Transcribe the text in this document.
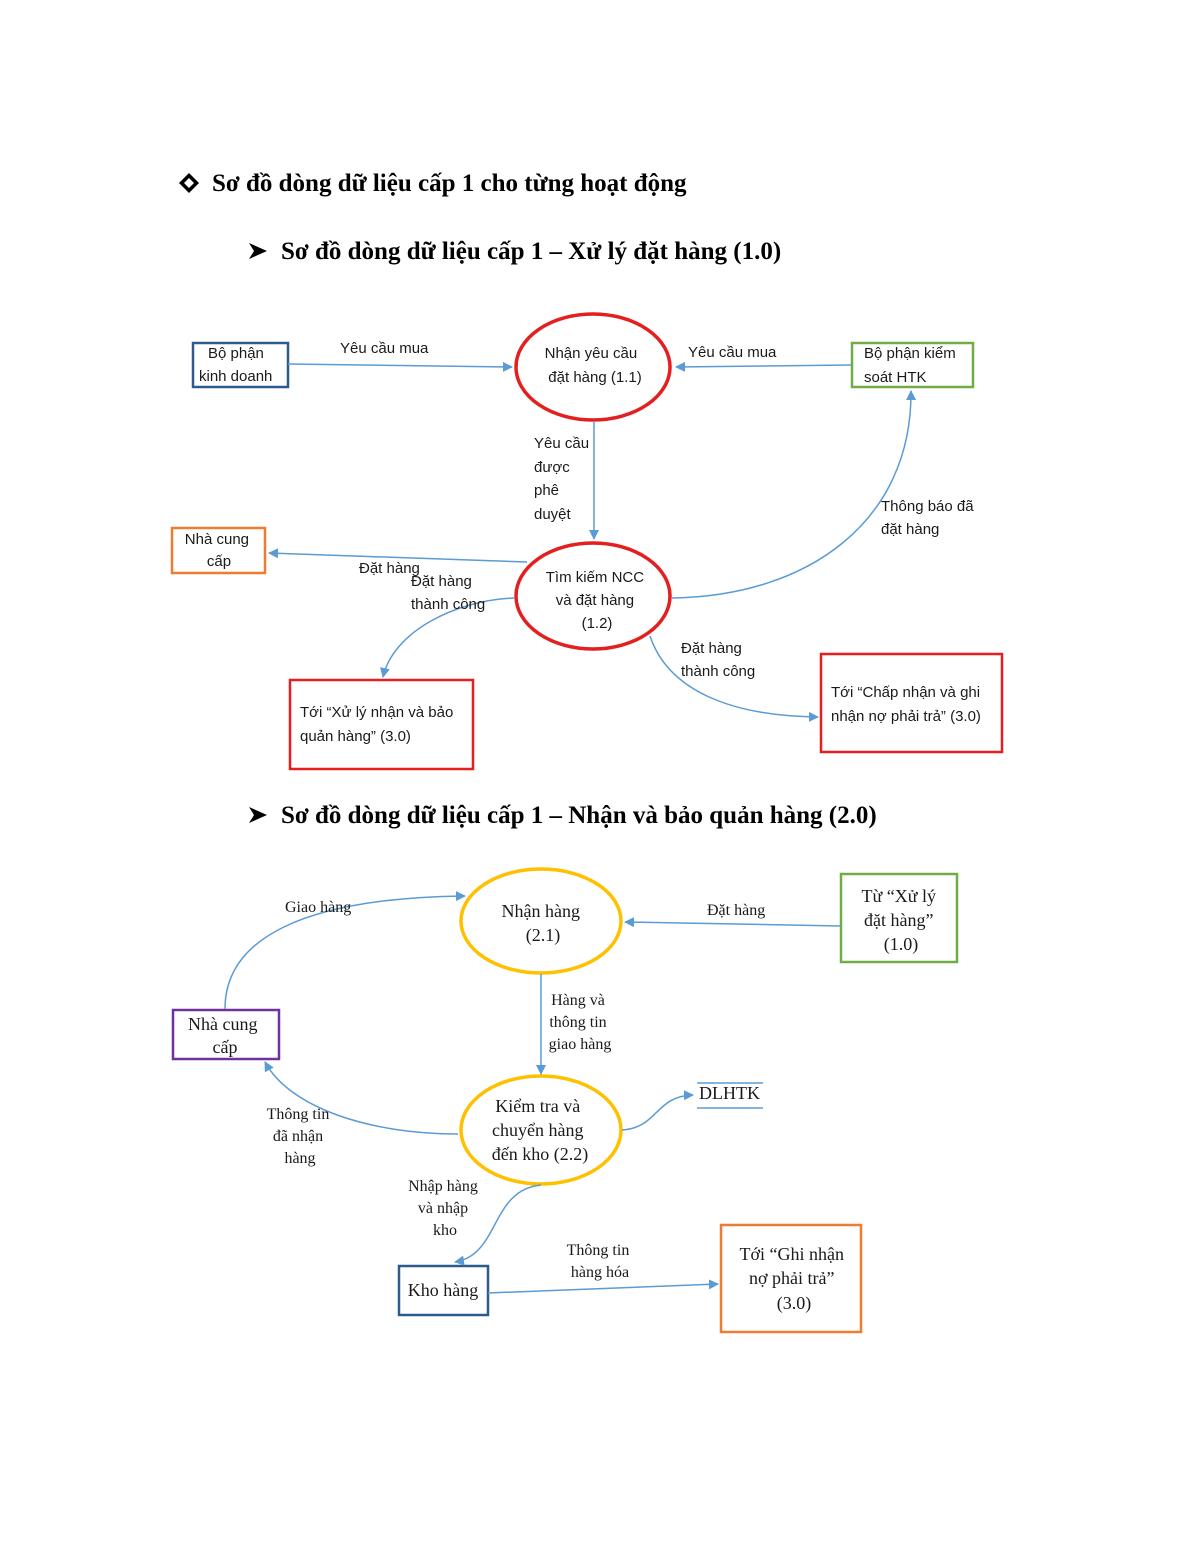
Sơ đồ dòng dữ liệu cấp 1 cho từng hoạt động
Sơ đồ dòng dữ liệu cấp 1 – Xử lý đặt hàng (1.0)
Sơ đồ dòng dữ liệu cấp 1 – Nhận và bảo quản hàng (2.0)
Nhận yêu cầu đặt hàng (1.1)
Tìm kiếm NCC và đặt hàng (1.2)
Bộ phận kinh doanh
Bộ phận kiểm soát HTK
Nhà cung cấp
Tới “Chấp nhận và ghi nhận nợ phải trả” (3.0)
Tới “Xử lý nhận và bảo quản hàng” (3.0)
Yêu cầu mua	Yêu cầu mua
Yêu cầu được phê duyệt	Thông báo đã đặt hàng
Đặt hàng
Đặt hàng thành công
Đặt hàng thành công
Nhận hàng (2.1)
Kiểm tra và chuyển hàng đến kho (2.2)
Từ “Xử lý đặt hàng” (1.0)
Nhà cung cấp
Kho hàng
Tới “Ghi nhận nợ phải trả” (3.0)
DLHTK
Giao hàng	Đặt hàng
Hàng và thông tin giao hàng
Thông tin đã nhận hàng
Nhập hàng và nhập kho
Thông tin hàng hóa
